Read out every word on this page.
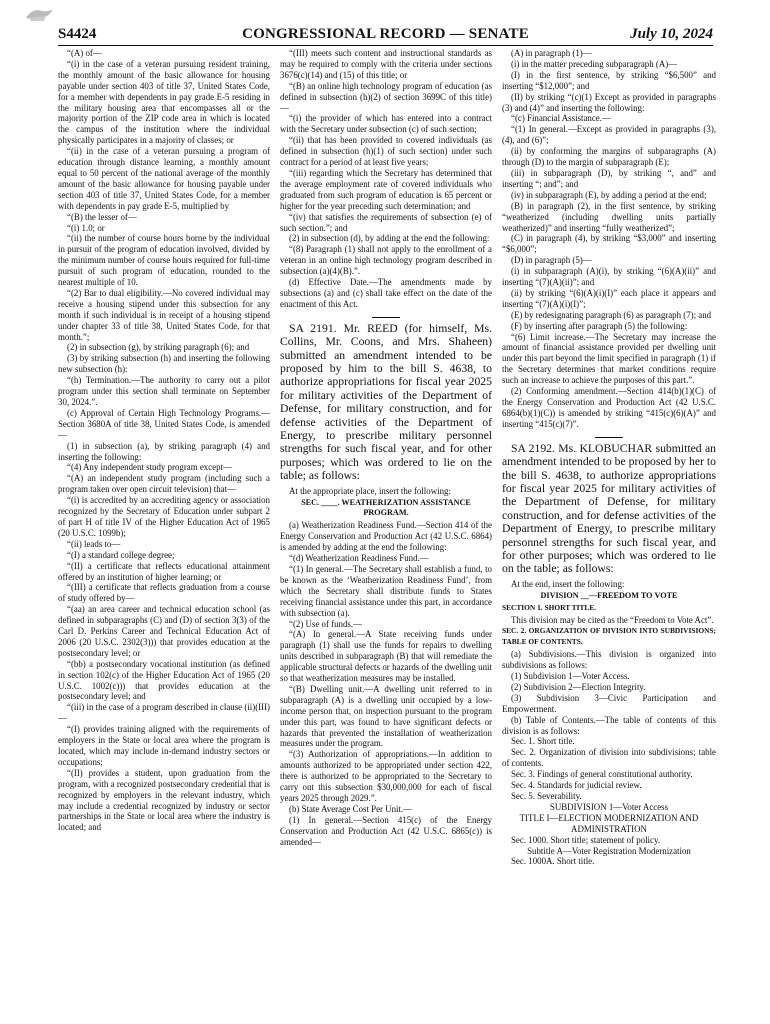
S4424	CONGRESSIONAL RECORD — SENATE	July 10, 2024

“(A) of—

“(i) in the case of a veteran pursuing resident training, the monthly amount of the basic allowance for housing payable under section 403 of title 37, United States Code, for a member with dependents in pay grade E-5 residing in the military housing area that encompasses all or the majority portion of the ZIP code area in which is located the campus of the institution where the individual physically participates in a majority of classes; or

“(ii) in the case of a veteran pursuing a program of education through distance learning, a monthly amount equal to 50 percent of the national average of the monthly amount of the basic allowance for housing payable under section 403 of title 37, United States Code, for a member with dependents in pay grade E-5, multiplied by

“(B) the lesser of—

“(i) 1.0; or

“(ii) the number of course hours borne by the individual in pursuit of the program of education involved, divided by the minimum number of course hours required for full-time pursuit of such program of education, rounded to the nearest multiple of 10.

“(2) Bar to dual eligibility.—No covered individual may receive a housing stipend under this subsection for any month if such individual is in receipt of a housing stipend under chapter 33 of title 38, United States Code, for that month.”;

(2) in subsection (g), by striking paragraph (6); and

(3) by striking subsection (h) and inserting the following new subsection (h):

“(h) Termination.—The authority to carry out a pilot program under this section shall terminate on September 30, 2024.”.

(c) Approval of Certain High Technology Programs.—Section 3680A of title 38, United States Code, is amended—

(1) in subsection (a), by striking paragraph (4) and inserting the following:

“(4) Any independent study program except—

“(A) an independent study program (including such a program taken over open circuit television) that—

“(i) is accredited by an accrediting agency or association recognized by the Secretary of Education under subpart 2 of part H of title IV of the Higher Education Act of 1965 (20 U.S.C. 1099b);

“(ii) leads to—

“(I) a standard college degree;

“(II) a certificate that reflects educational attainment offered by an institution of higher learning; or

“(III) a certificate that reflects graduation from a course of study offered by—

“(aa) an area career and technical education school (as defined in subparagraphs (C) and (D) of section 3(3) of the Carl D. Perkins Career and Technical Education Act of 2006 (20 U.S.C. 2302(3))) that provides education at the postsecondary level; or

“(bb) a postsecondary vocational institution (as defined in section 102(c) of the Higher Education Act of 1965 (20 U.S.C. 1002(c))) that provides education at the postsecondary level; and

“(iii) in the case of a program described in clause (ii)(III)—

“(I) provides training aligned with the requirements of employers in the State or local area where the program is located, which may include in-demand industry sectors or occupations;

“(II) provides a student, upon graduation from the program, with a recognized postsecondary credential that is recognized by employers in the relevant industry, which may include a credential recognized by industry or sector partnerships in the State or local area where the industry is located; and

“(III) meets such content and instructional standards as may be required to comply with the criteria under sections 3676(c)(14) and (15) of this title; or

“(B) an online high technology program of education (as defined in subsection (h)(2) of section 3699C of this title)—

“(i) the provider of which has entered into a contract with the Secretary under subsection (c) of such section;

“(ii) that has been provided to covered individuals (as defined in subsection (h)(1) of such section) under such contract for a period of at least five years;

“(iii) regarding which the Secretary has determined that the average employment rate of covered individuals who graduated from such program of education is 65 percent or higher for the year preceding such determination; and

“(iv) that satisfies the requirements of subsection (e) of such section.”; and

(2) in subsection (d), by adding at the end the following:

“(8) Paragraph (1) shall not apply to the enrollment of a veteran in an online high technology program described in subsection (a)(4)(B).”.

(d) Effective Date.—The amendments made by subsections (a) and (c) shall take effect on the date of the enactment of this Act.

SA 2191. Mr. REED (for himself, Ms. Collins, Mr. Coons, and Mrs. Shaheen) submitted an amendment intended to be proposed by him to the bill S. 4638, to authorize appropriations for fiscal year 2025 for military activities of the Department of Defense, for military construction, and for defense activities of the Department of Energy, to prescribe military personnel strengths for such fiscal year, and for other purposes; which was ordered to lie on the table; as follows:

At the appropriate place, insert the following:

SEC. ____. WEATHERIZATION ASSISTANCE PROGRAM.

(a) Weatherization Readiness Fund.—Section 414 of the Energy Conservation and Production Act (42 U.S.C. 6864) is amended by adding at the end the following:

“(d) Weatherization Readiness Fund.—

“(1) In general.—The Secretary shall establish a fund, to be known as the ‘Weatherization Readiness Fund’, from which the Secretary shall distribute funds to States receiving financial assistance under this part, in accordance with subsection (a).

“(2) Use of funds.—

“(A) In general.—A State receiving funds under paragraph (1) shall use the funds for repairs to dwelling units described in subparagraph (B) that will remediate the applicable structural defects or hazards of the dwelling unit so that weatherization measures may be installed.

“(B) Dwelling unit.—A dwelling unit referred to in subparagraph (A) is a dwelling unit occupied by a low-income person that, on inspection pursuant to the program under this part, was found to have significant defects or hazards that prevented the installation of weatherization measures under the program.

“(3) Authorization of appropriations.—In addition to amounts authorized to be appropriated under section 422, there is authorized to be appropriated to the Secretary to carry out this subsection $30,000,000 for each of fiscal years 2025 through 2029.”.

(b) State Average Cost Per Unit.—

(1) In general.—Section 415(c) of the Energy Conservation and Production Act (42 U.S.C. 6865(c)) is amended—

(A) in paragraph (1)—

(i) in the matter preceding subparagraph (A)—

(I) in the first sentence, by striking “$6,500” and inserting “$12,000”; and

(II) by striking “(c)(1) Except as provided in paragraphs (3) and (4)” and inserting the following:

“(c) Financial Assistance.—

“(1) In general.—Except as provided in paragraphs (3), (4), and (6)”;

(ii) by conforming the margins of subparagraphs (A) through (D) to the margin of subparagraph (E);

(iii) in subparagraph (D), by striking “, and” and inserting “; and”; and

(iv) in subparagraph (E), by adding a period at the end;

(B) in paragraph (2), in the first sentence, by striking “weatherized (including dwelling units partially weatherized)” and inserting “fully weatherized”;

(C) in paragraph (4), by striking “$3,000” and inserting “$6,000”;

(D) in paragraph (5)—

(i) in subparagraph (A)(i), by striking “(6)(A)(ii)” and inserting “(7)(A)(ii)”; and

(ii) by striking “(6)(A)(i)(I)” each place it appears and inserting “(7)(A)(i)(I)”;

(E) by redesignating paragraph (6) as paragraph (7); and

(F) by inserting after paragraph (5) the following:

“(6) Limit increase.—The Secretary may increase the amount of financial assistance provided per dwelling unit under this part beyond the limit specified in paragraph (1) if the Secretary determines that market conditions require such an increase to achieve the purposes of this part.”.

(2) Conforming amendment.—Section 414(b)(1)(C) of the Energy Conservation and Production Act (42 U.S.C. 6864(b)(1)(C)) is amended by striking “415(c)(6)(A)” and inserting “415(c)(7)”.

SA 2192. Ms. KLOBUCHAR submitted an amendment intended to be proposed by her to the bill S. 4638, to authorize appropriations for fiscal year 2025 for military activities of the Department of Defense, for military construction, and for defense activities of the Department of Energy, to prescribe military personnel strengths for such fiscal year, and for other purposes; which was ordered to lie on the table; as follows:

At the end, insert the following:

DIVISION __—FREEDOM TO VOTE

SECTION 1. SHORT TITLE.

This division may be cited as the “Freedom to Vote Act”.

SEC. 2. ORGANIZATION OF DIVISION INTO SUBDIVISIONS; TABLE OF CONTENTS.

(a) Subdivisions.—This division is organized into subdivisions as follows:

(1) Subdivision 1—Voter Access.

(2) Subdivision 2—Election Integrity.

(3) Subdivision 3—Civic Participation and Empowerment.

(b) Table of Contents.—The table of contents of this division is as follows:

Sec. 1. Short title.

Sec. 2. Organization of division into subdivisions; table of contents.

Sec. 3. Findings of general constitutional authority.

Sec. 4. Standards for judicial review.

Sec. 5. Severability.

SUBDIVISION 1—Voter Access

TITLE I—ELECTION MODERNIZATION AND ADMINISTRATION

Sec. 1000. Short title; statement of policy.

Subtitle A—Voter Registration Modernization

Sec. 1000A. Short title.
